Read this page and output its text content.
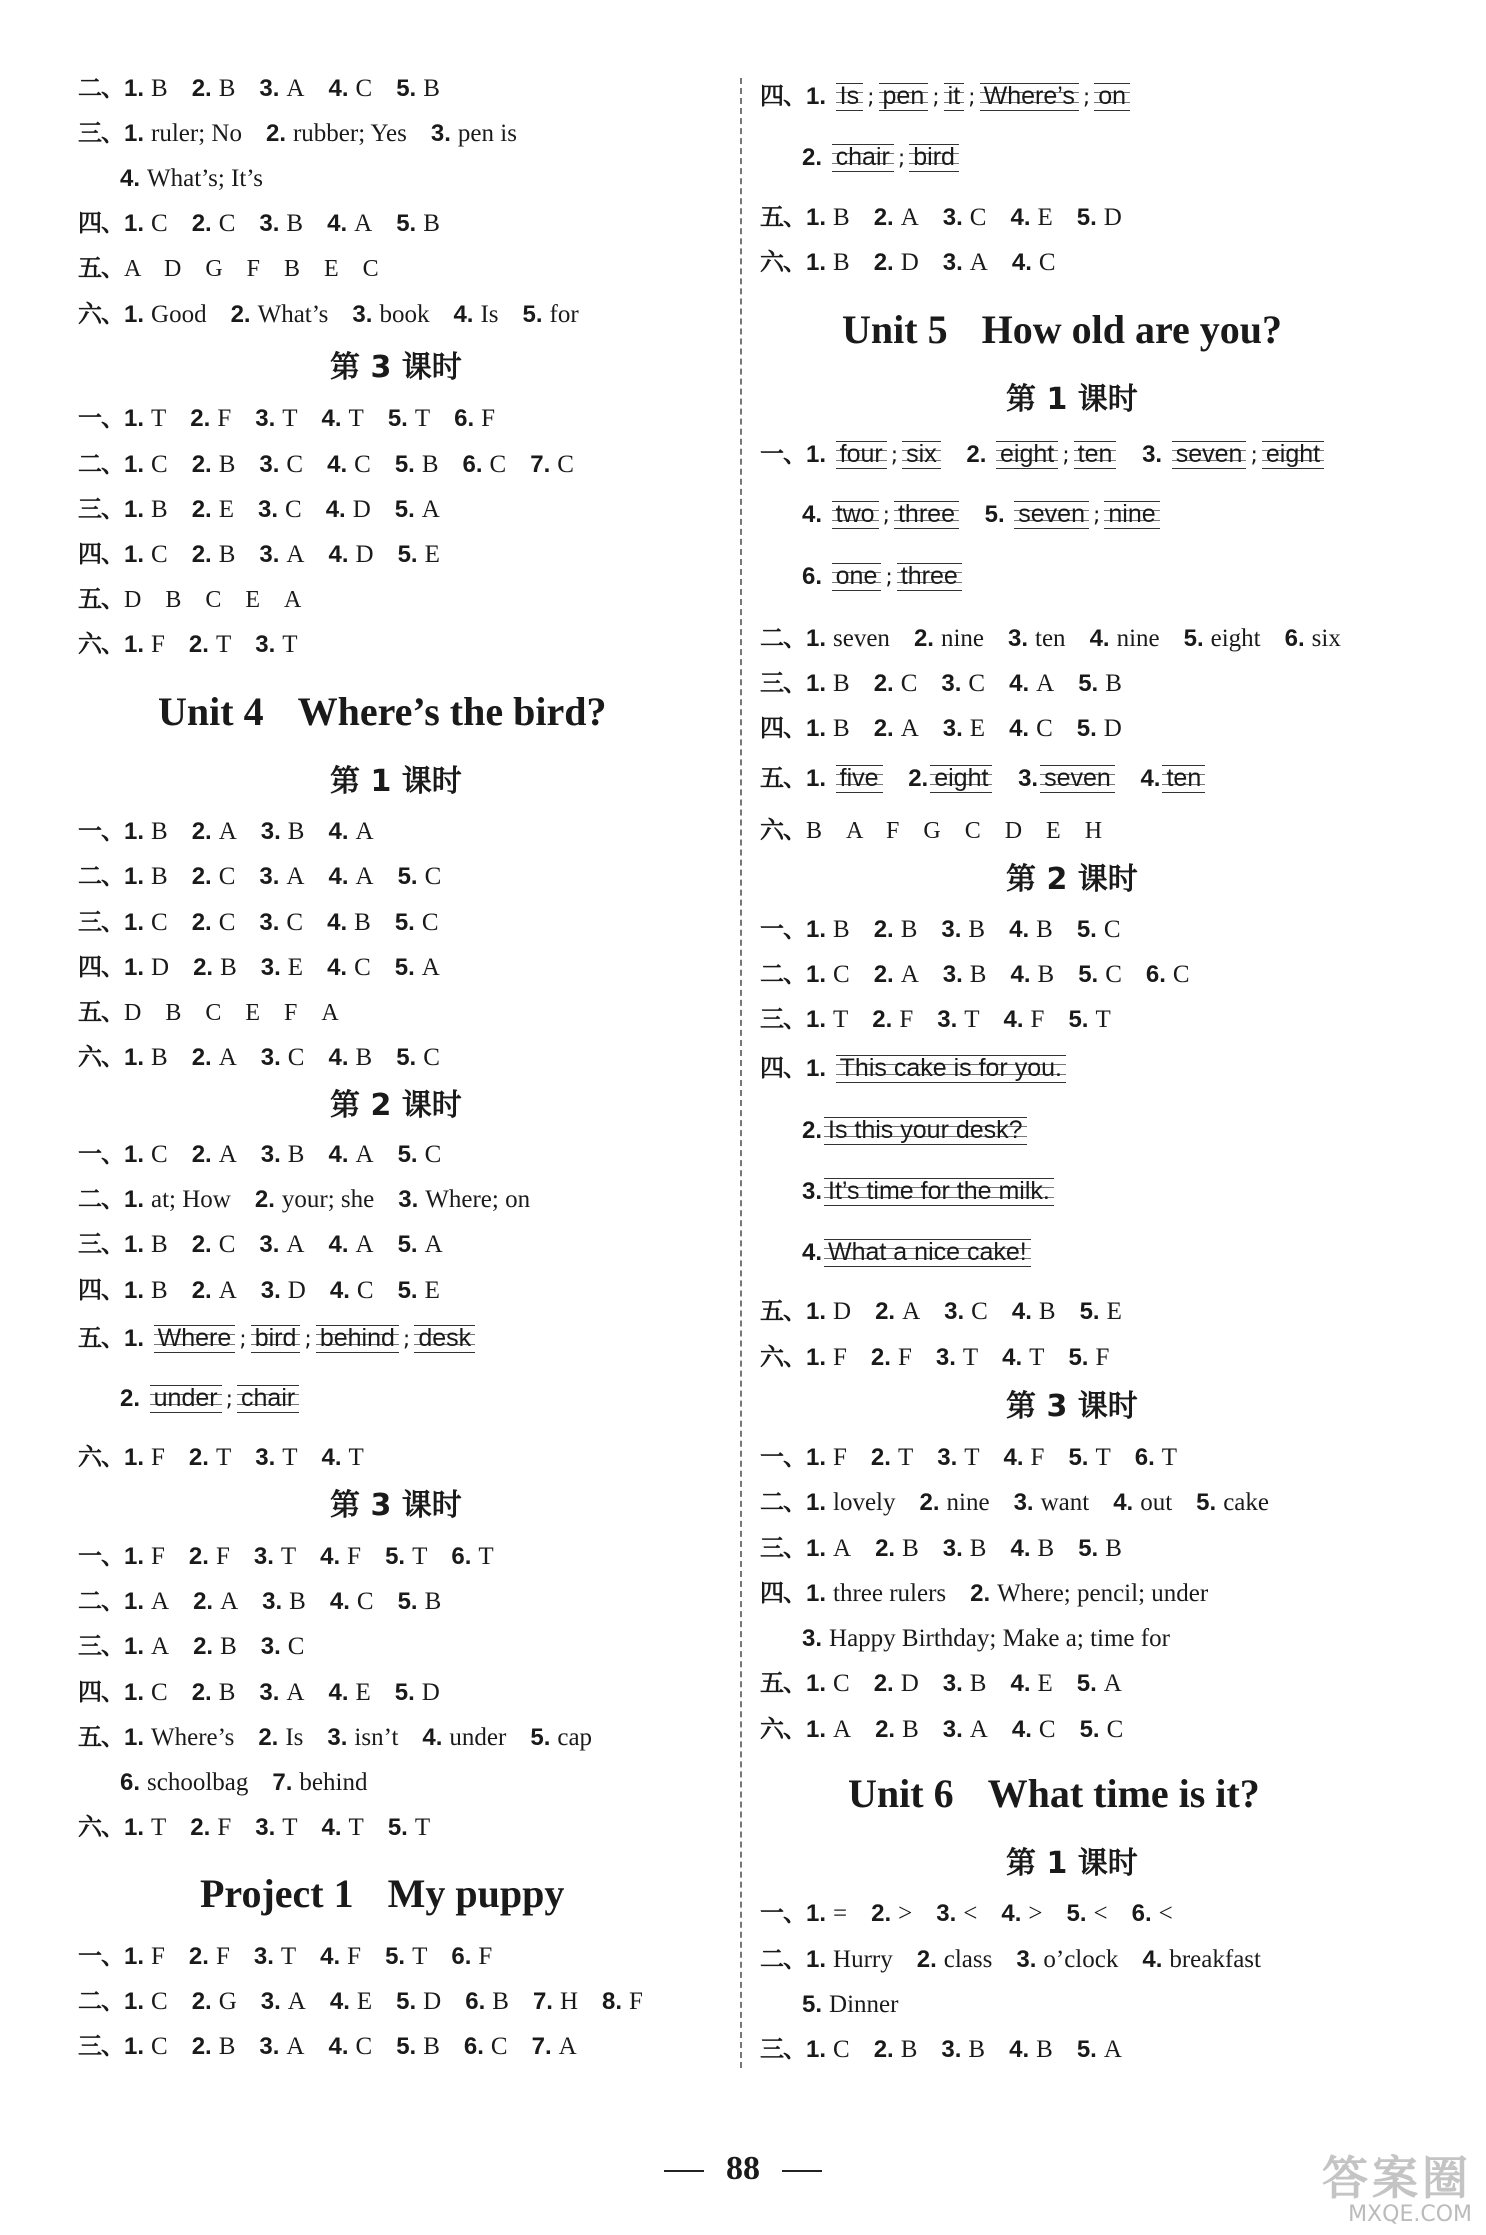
二、1. B 2. B 3. A 4. C 5. B
三、1. ruler; No 2. rubber; Yes 3. pen is
4. What’s; It’s
四、1. C 2. C 3. B 4. A 5. B
五、A　D　G　F　B　E　C
六、1. Good 2. What’s 3. book 4. Is 5. for
第 3 课时
一、1. T 2. F 3. T 4. T 5. T 6. F
二、1. C 2. B 3. C 4. C 5. B 6. C 7. C
三、1. B 2. E 3. C 4. D 5. A
四、1. C 2. B 3. A 4. D 5. E
五、D　B　C　E　A
六、1. F 2. T 3. T
Unit 4 Where’s the bird?
第 1 课时
一、1. B 2. A 3. B 4. A
二、1. B 2. C 3. A 4. A 5. C
三、1. C 2. C 3. C 4. B 5. C
四、1. D 2. B 3. E 4. C 5. A
五、D　B　C　E　F　A
六、1. B 2. A 3. C 4. B 5. C
第 2 课时
一、1. C 2. A 3. B 4. A 5. C
二、1. at; How 2. your; she 3. Where; on
三、1. B 2. C 3. A 4. A 5. A
四、1. B 2. A 3. D 4. C 5. E
五、1. Where ; bird ; behind ; desk
2. under ; chair
六、1. F 2. T 3. T 4. T
第 3 课时
一、1. F 2. F 3. T 4. F 5. T 6. T
二、1. A 2. A 3. B 4. C 5. B
三、1. A 2. B 3. C
四、1. C 2. B 3. A 4. E 5. D
五、1. Where’s 2. Is 3. isn’t 4. under 5. cap
6. schoolbag 7. behind
六、1. T 2. F 3. T 4. T 5. T
Project 1 My puppy
一、1. F 2. F 3. T 4. F 5. T 6. F
二、1. C 2. G 3. A 4. E 5. D 6. B 7. H 8. F
三、1. C 2. B 3. A 4. C 5. B 6. C 7. A
四、1. Is ; pen ; it ; Where’s ; on
2. chair ; bird
五、1. B 2. A 3. C 4. E 5. D
六、1. B 2. D 3. A 4. C
Unit 5 How old are you?
第 1 课时
一、1. four ; six 2. eight ; ten 3. seven ; eight
4. two ; three 5. seven ; nine
6. one ; three
二、1. seven 2. nine 3. ten 4. nine 5. eight 6. six
三、1. B 2. C 3. C 4. A 5. B
四、1. B 2. A 3. E 4. C 5. D
五、1. five 2. eight 3. seven 4. ten
六、B　A　F　G　C　D　E　H
第 2 课时
一、1. B 2. B 3. B 4. B 5. C
二、1. C 2. A 3. B 4. B 5. C 6. C
三、1. T 2. F 3. T 4. F 5. T
四、1. This cake is for you.
2. Is this your desk?
3. It’s time for the milk.
4. What a nice cake!
五、1. D 2. A 3. C 4. B 5. E
六、1. F 2. F 3. T 4. T 5. F
第 3 课时
一、1. F 2. T 3. T 4. F 5. T 6. T
二、1. lovely 2. nine 3. want 4. out 5. cake
三、1. A 2. B 3. B 4. B 5. B
四、1. three rulers 2. Where; pencil; under
3. Happy Birthday; Make a; time for
五、1. C 2. D 3. B 4. E 5. A
六、1. A 2. B 3. A 4. C 5. C
Unit 6 What time is it?
第 1 课时
一、1. = 2. > 3. < 4. > 5. < 6. <
二、1. Hurry 2. class 3. o’clock 4. breakfast
5. Dinner
三、1. C 2. B 3. B 4. B 5. A
88	答案圈
MXQE.COM
